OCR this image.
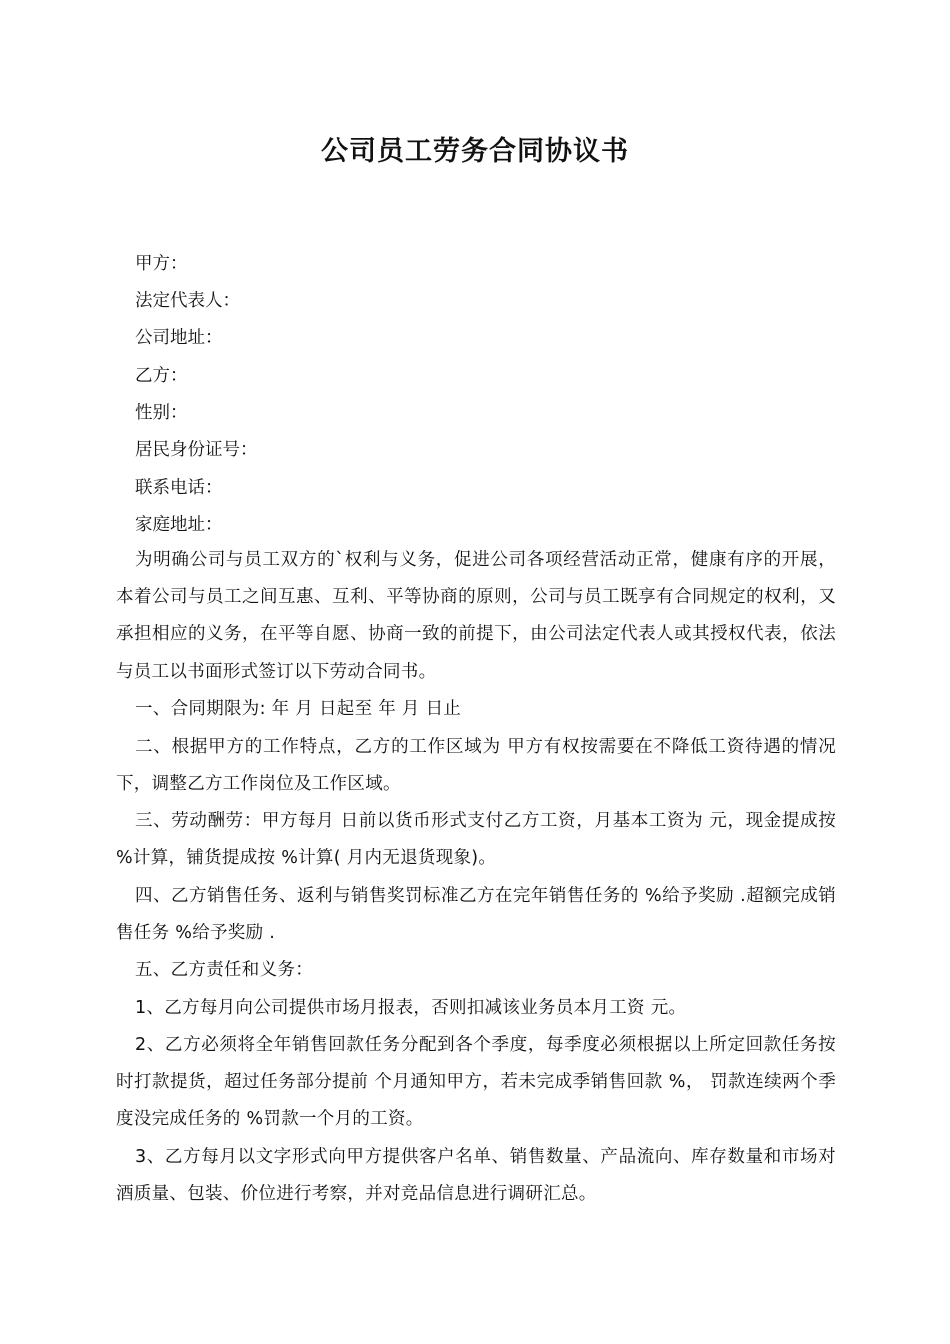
公司员工劳务合同协议书
甲方：
法定代表人：
公司地址：
乙方：
性别：
居民身份证号：
联系电话：
家庭地址：
为明确公司与员工双方的`权利与义务，促进公司各项经营活动正常，健康有序的开展，本着公司与员工之间互惠、互利、平等协商的原则，公司与员工既享有合同规定的权利，又承担相应的义务，在平等自愿、协商一致的前提下，由公司法定代表人或其授权代表，依法与员工以书面形式签订以下劳动合同书。
一、合同期限为: 年 月 日起至 年 月 日止
二、根据甲方的工作特点，乙方的工作区域为 甲方有权按需要在不降低工资待遇的情况下，调整乙方工作岗位及工作区域。
三、劳动酬劳：甲方每月 日前以货币形式支付乙方工资，月基本工资为 元，现金提成按 %计算，铺货提成按 %计算( 月内无退货现象)。
四、乙方销售任务、返利与销售奖罚标准乙方在完年销售任务的 %给予奖励 .超额完成销售任务 %给予奖励 .
五、乙方责任和义务：
1、乙方每月向公司提供市场月报表，否则扣减该业务员本月工资 元。
2、乙方必须将全年销售回款任务分配到各个季度，每季度必须根据以上所定回款任务按时打款提货，超过任务部分提前 个月通知甲方，若未完成季销售回款 %， 罚款连续两个季度没完成任务的 %罚款一个月的工资。
3、乙方每月以文字形式向甲方提供客户名单、销售数量、产品流向、库存数量和市场对 酒质量、包装、价位进行考察，并对竞品信息进行调研汇总。
